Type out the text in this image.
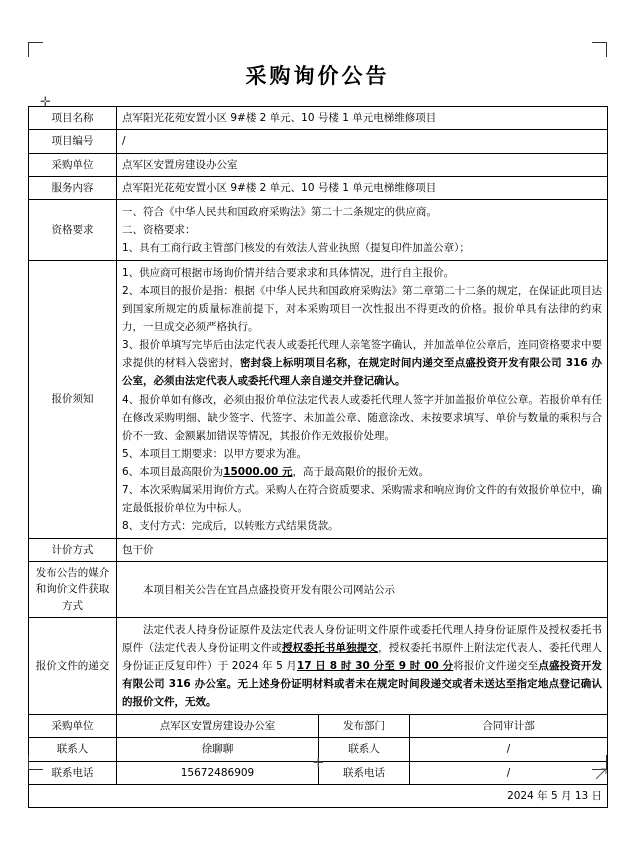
✛
✛
采购询价公告
项目名称	点军阳光花苑安置小区 9#楼 2 单元、10 号楼 1 单元电梯维修项目		
项目编号	/		
采购单位	点军区安置房建设办公室		
服务内容	点军阳光花苑安置小区 9#楼 2 单元、10 号楼 1 单元电梯维修项目		
资格要求	一、符合《中华人民共和国政府采购法》第二十二条规定的供应商。

二、资格要求：

1、具有工商行政主管部门核发的有效法人营业执照（提复印件加盖公章）；		

报价须知	

1、供应商可根据市场询价情并结合要求求和具体情况，进行自主报价。

2、本项目的报价是指：根据《中华人民共和国政府采购法》第二章第二十二条的规定，在保证此项目达到国家所规定的质量标准前提下，对本采购项目一次性报出不得更改的价格。报价单具有法律的约束力，一旦成交必须严格执行。

3、报价单填写完毕后由法定代表人或委托代理人亲笔签字确认，并加盖单位公章后，连同资格要求中要求提供的材料入袋密封，密封袋上标明项目名称，在规定时间内递交至点盛投资开发有限公司 316 办公室，必须由法定代表人或委托代理人亲自递交并登记确认。

4、报价单如有修改，必须由报价单位法定代表人或委托代理人签字并加盖报价单位公章。若报价单有任在修改采购明细、缺少签字、代签字、未加盖公章、随意涂改、未按要求填写、单价与数量的乘积与合价不一致、金额累加错误等情况，其报价作无效报价处理。

5、本项目工期要求：以甲方要求为准。

6、本项目最高限价为15000.00 元，高于最高限价的报价无效。

7、本次采购属采用询价方式。采购人在符合资质要求、采购需求和响应询价文件的有效报价单位中，确定最低报价单位为中标人。

8、支付方式：完成后，以转账方式结果货款。

计价方式	包干价		
发布公告的媒介和询价文件获取方式	本项目相关公告在宜昌点盛投资开发有限公司网站公示		

报价文件的递交	法定代表人持身份证原件及法定代表人身份证明文件原件或委托代理人持身份证原件及授权委托书原件（法定代表人身份证明文件或授权委托书单独提交，授权委托书原件上附法定代表人、委托代理人身份证正反复印件）于 2024 年 5 月17 日 8 时 30 分至 9 时 00 分将报价文件递交至点盛投资开发有限公司 316 办公室。无上述身份证明材料或者未在规定时间段递交或者未送达至指定地点登记确认的报价文件，无效。		

采购单位	点军区安置房建设办公室	发布部门	合同审计部
联系人	徐聊聊	联系人	/
联系电话	15672486909	联系电话	/
2024 年 5 月 13 日			
